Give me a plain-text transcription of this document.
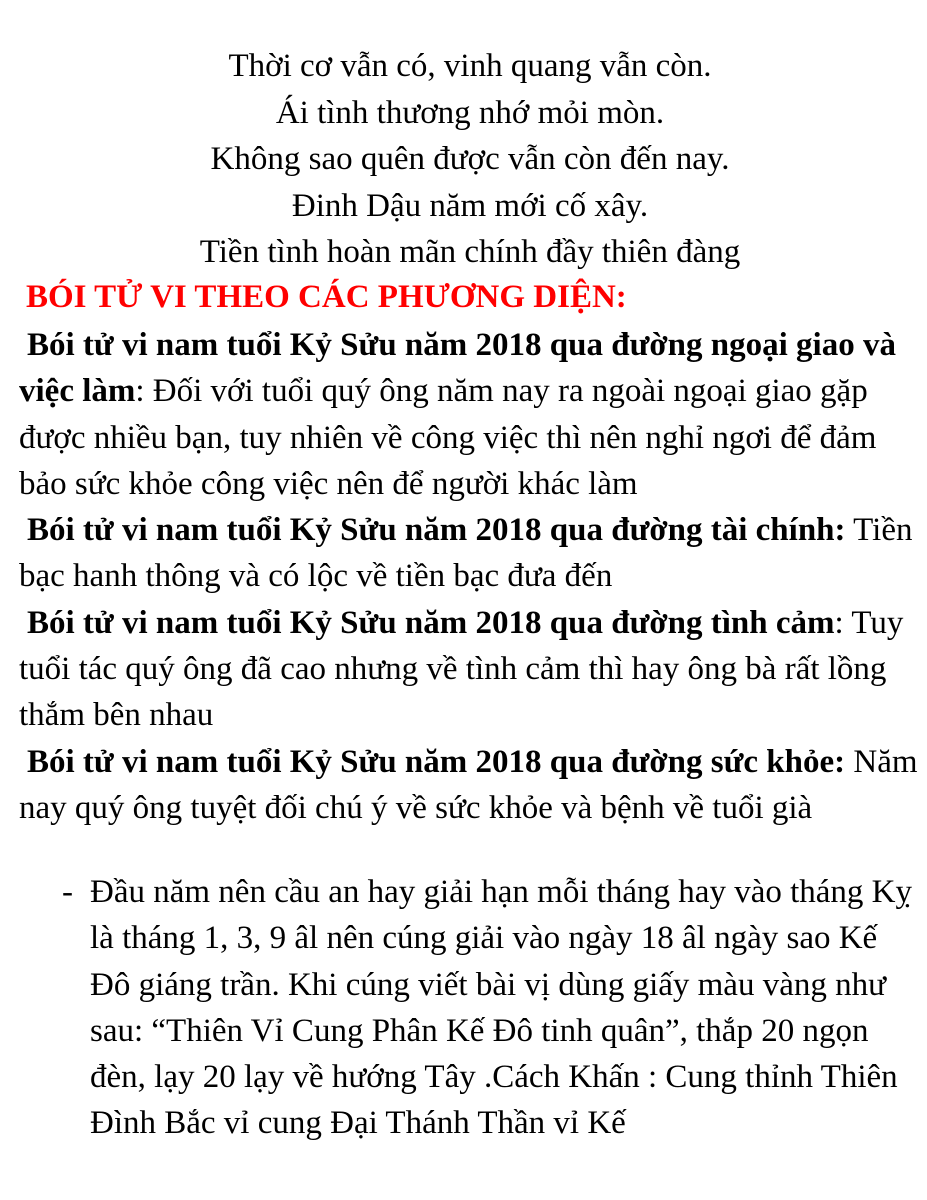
Thời cơ vẫn có, vinh quang vẫn còn.
Ái tình thương nhớ mỏi mòn.
Không sao quên được vẫn còn đến nay.
Đinh Dậu năm mới cố xây.
Tiền tình hoàn mãn chính đầy thiên đàng
BÓI TỬ VI THEO CÁC PHƯƠNG DIỆN:

Bói tử vi nam tuổi Kỷ Sửu năm 2018 qua đường ngoại giao và việc làm: Đối với tuổi quý ông năm nay ra ngoài ngoại giao gặp được nhiều bạn, tuy nhiên về công việc thì nên nghỉ ngơi để đảm bảo sức khỏe công việc nên để người khác làm

Bói tử vi nam tuổi Kỷ Sửu năm 2018 qua đường tài chính: Tiền bạc hanh thông và có lộc về tiền bạc đưa đến

Bói tử vi nam tuổi Kỷ Sửu năm 2018 qua đường tình cảm: Tuy tuổi tác quý ông đã cao nhưng về tình cảm thì hay ông bà rất lồng thắm bên nhau

Bói tử vi nam tuổi Kỷ Sửu năm 2018 qua đường sức khỏe: Năm nay quý ông tuyệt đối chú ý về sức khỏe và bệnh về tuổi già

- Đầu năm nên cầu an hay giải hạn mỗi tháng hay vào tháng Kỵ là tháng 1, 3, 9 âl nên cúng giải vào ngày 18 âl ngày sao Kế Đô giáng trần. Khi cúng viết bài vị dùng giấy màu vàng như sau: “Thiên Vỉ Cung Phân Kế Đô tinh quân”, thắp 20 ngọn đèn, lạy 20 lạy về hướng Tây .Cách Khấn : Cung thỉnh Thiên Đình Bắc vỉ cung Đại Thánh Thần vỉ Kế
